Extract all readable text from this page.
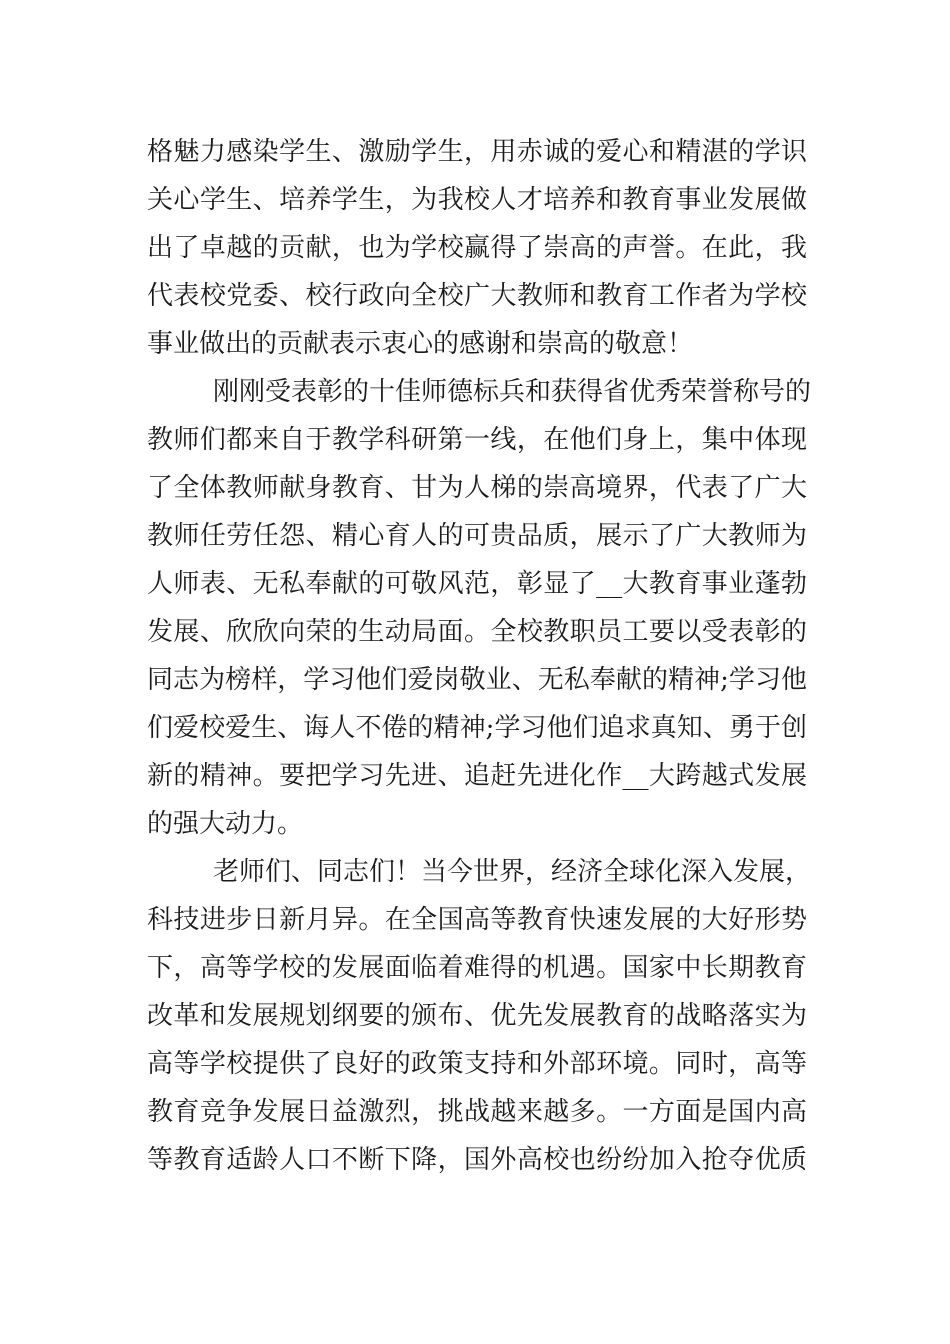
格魅力感染学生、激励学生，用赤诚的爱心和精湛的学识
关心学生、培养学生，为我校人才培养和教育事业发展做
出了卓越的贡献，也为学校赢得了崇高的声誉。在此，我
代表校党委、校行政向全校广大教师和教育工作者为学校
事业做出的贡献表示衷心的感谢和崇高的敬意！
刚刚受表彰的十佳师德标兵和获得省优秀荣誉称号的
教师们都来自于教学科研第一线，在他们身上，集中体现
了全体教师献身教育、甘为人梯的崇高境界，代表了广大
教师任劳任怨、精心育人的可贵品质，展示了广大教师为
人师表、无私奉献的可敬风范，彰显了__大教育事业蓬勃
发展、欣欣向荣的生动局面。全校教职员工要以受表彰的
同志为榜样，学习他们爱岗敬业、无私奉献的精神;学习他
们爱校爱生、诲人不倦的精神;学习他们追求真知、勇于创
新的精神。要把学习先进、追赶先进化作__大跨越式发展
的强大动力。
老师们、同志们！当今世界，经济全球化深入发展，
科技进步日新月异。在全国高等教育快速发展的大好形势
下，高等学校的发展面临着难得的机遇。国家中长期教育
改革和发展规划纲要的颁布、优先发展教育的战略落实为
高等学校提供了良好的政策支持和外部环境。同时，高等
教育竞争发展日益激烈，挑战越来越多。一方面是国内高
等教育适龄人口不断下降，国外高校也纷纷加入抢夺优质
